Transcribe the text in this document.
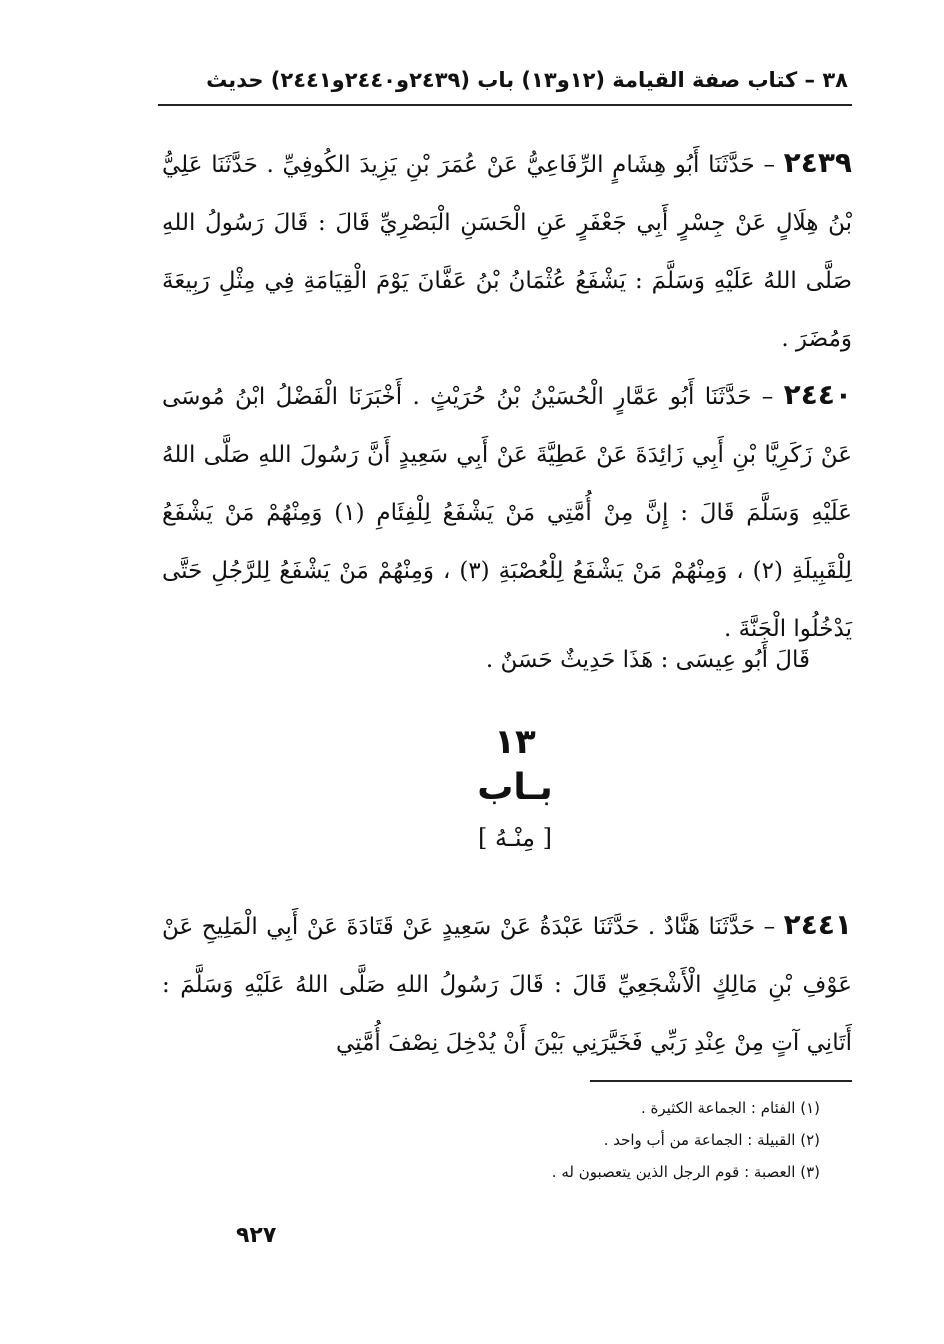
٣٨ – كتاب صفة القيامة (١٢و١٣) باب (٢٤٣٩و٢٤٤٠و٢٤٤١) حديث

٢٤٣٩ – حَدَّثَنَا أَبُو هِشَامٍ الرِّفَاعِيُّ عَنْ عُمَرَ بْنِ يَزِيدَ الكُوفِيِّ . حَدَّثَنَا عَلِيُّ بْنُ هِلَالٍ عَنْ جِسْرٍ أَبِي جَعْفَرٍ عَنِ الْحَسَنِ الْبَصْرِيِّ قَالَ : قَالَ رَسُولُ اللهِ صَلَّى اللهُ عَلَيْهِ وَسَلَّمَ : يَشْفَعُ عُثْمَانُ بْنُ عَفَّانَ يَوْمَ الْقِيَامَةِ فِي مِثْلِ رَبِيعَةَ وَمُضَرَ .

٢٤٤٠ – حَدَّثَنَا أَبُو عَمَّارٍ الْحُسَيْنُ بْنُ حُرَيْثٍ . أَخْبَرَنَا الْفَضْلُ ابْنُ مُوسَى عَنْ زَكَرِيَّا بْنِ أَبِي زَائِدَةَ عَنْ عَطِيَّةَ عَنْ أَبِي سَعِيدٍ أَنَّ رَسُولَ اللهِ صَلَّى اللهُ عَلَيْهِ وَسَلَّمَ قَالَ : إِنَّ مِنْ أُمَّتِي مَنْ يَشْفَعُ لِلْفِئَامِ (١) وَمِنْهُمْ مَنْ يَشْفَعُ لِلْقَبِيلَةِ (٢) ، وَمِنْهُمْ مَنْ يَشْفَعُ لِلْعُصْبَةِ (٣) ، وَمِنْهُمْ مَنْ يَشْفَعُ لِلرَّجُلِ حَتَّى يَدْخُلُوا الْجَنَّةَ .

قَالَ أَبُو عِيسَى : هَذَا حَدِيثٌ حَسَنٌ .
١٣
بـاب
[ مِنْـهُ ]

٢٤٤١ – حَدَّثَنَا هَنَّادٌ . حَدَّثَنَا عَبْدَةُ عَنْ سَعِيدٍ عَنْ قَتَادَةَ عَنْ أَبِي الْمَلِيحِ عَنْ عَوْفِ بْنِ مَالِكٍ الْأَشْجَعِيِّ قَالَ : قَالَ رَسُولُ اللهِ صَلَّى اللهُ عَلَيْهِ وَسَلَّمَ : أَتَانِي آتٍ مِنْ عِنْدِ رَبِّي فَخَيَّرَنِي بَيْنَ أَنْ يُدْخِلَ نِصْفَ أُمَّتِي

(١) الفئام : الجماعة الكثيرة .
(٢) القبيلة : الجماعة من أب واحد .
(٣) العصبة : قوم الرجل الذين يتعصبون له .
٩٢٧
